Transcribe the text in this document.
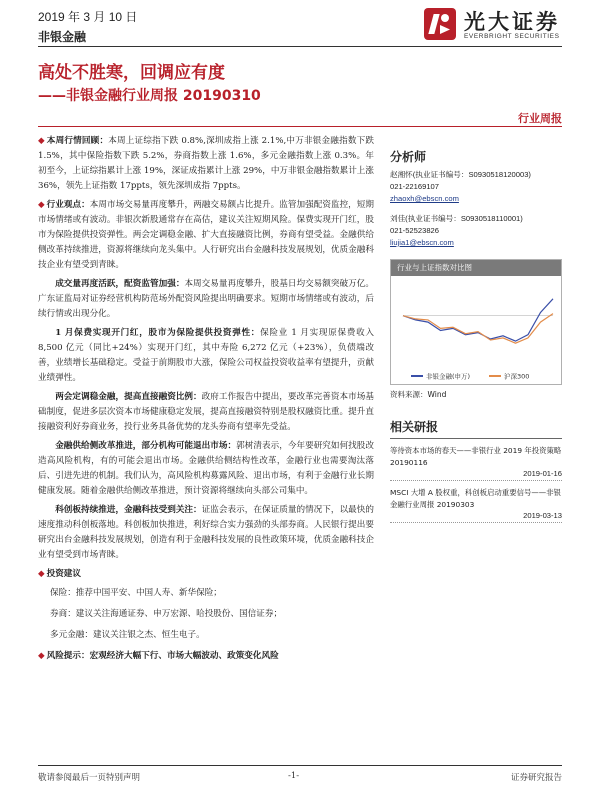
2019 年 3 月 10 日
非银金融
光大证券
EVERBRIGHT SECURITIES
高处不胜寒，回调应有度
——非银金融行业周报 20190310
行业周报

◆ 本周行情回顾：本周上证综指下跌 0.8%,深圳成指上涨 2.1%,中万非银金融指数下跌 1.5%，其中保险指数下跌 5.2%，券商指数上涨 1.6%，多元金融指数上涨 0.3%。年初至今，上证综指累计上涨 19%，深证成指累计上涨 29%，中万非银金融指数累计上涨 36%，领先上证指数 17ppts，领先深圳成指 7ppts。

◆ 行业观点：本周市场交易量再度攀升，两融交易额占比提升。监管加强配资监控，短期市场情绪或有波动。非银次新股通常存在高估，建议关注短期风险。保费实现开门红，股市为保险提供投资弹性。两会定调稳金融、扩大直接融资比例，券商有望受益。金融供给侧改革持续推进，资源将继续向龙头集中。人行研究出台金融科技发展规划，优质金融科技企业有望受到青睐。

成交量再度活跃，配资监管加强：本周交易量再度攀升，股基日均交易额突破万亿。广东证监局对证券经营机构防范场外配资风险提出明确要求。短期市场情绪或有波动，后续行情或出现分化。

1 月保费实现开门红，股市为保险提供投资弹性：保险业 1 月实现原保费收入 8,500 亿元（同比+24%）实现开门红，其中寿险 6,272 亿元（+23%），负债端改善，业绩增长基础稳定。受益于前期股市大涨，保险公司权益投资收益率有望提升，贡献业绩弹性。

两会定调稳金融，提高直接融资比例：政府工作报告中提出，要改革完善资本市场基础制度，促进多层次资本市场健康稳定发展，提高直接融资特别是股权融资比重。提升直接融资利好券商业务，投行业务具备优势的龙头券商有望率先受益。

金融供给侧改革推进，部分机构可能退出市场：郭树清表示，今年要研究如何找股改造高风险机构，有的可能会退出市场。金融供给侧结构性改革，金融行业也需要淘汰落后、引进先进的机制。我们认为，高风险机构募露风险、退出市场，有利于金融行业长期健康发展。随着金融供给侧改革推进，预计资源将继续向头部公司集中。

科创板持续推进，金融科技受到关注：证监会表示，在保证质量的情况下，以最快的速度推动科创板落地。科创板加快推进，利好综合实力强劲的头部券商。人民银行提出要研究出台金融科技发展规划，创造有利于金融科技发展的良性政策环境，优质金融科技企业有望受到市场青睐。

◆ 投资建议

保险：推荐中国平安、中国人寿、新华保险；

券商：建议关注海通证券、申万宏源、哈投股份、国信证券；

多元金融：建议关注银之杰、恒生电子。

◆ 风险提示：宏观经济大幅下行、市场大幅波动、政策变化风险

分析师
赵湘怀(执业证书编号：S0930518120003)
021-22169107
zhaoxh@ebscn.com
刘佳(执业证书编号：S0930518110001)
021-52523826
liujia1@ebscn.com
行业与上证指数对比图
非银金融(申万)	沪深300
资料来源：Wind
相关研报
等待资本市场的春天——非银行业 2019 年投资策略 20190116
2019-01-16
MSCI 大增 A 股权重，科创板启动重要信号——非银金融行业周报 20190303
2019-03-13
敬请参阅最后一页特别声明	-1-	证券研究报告
